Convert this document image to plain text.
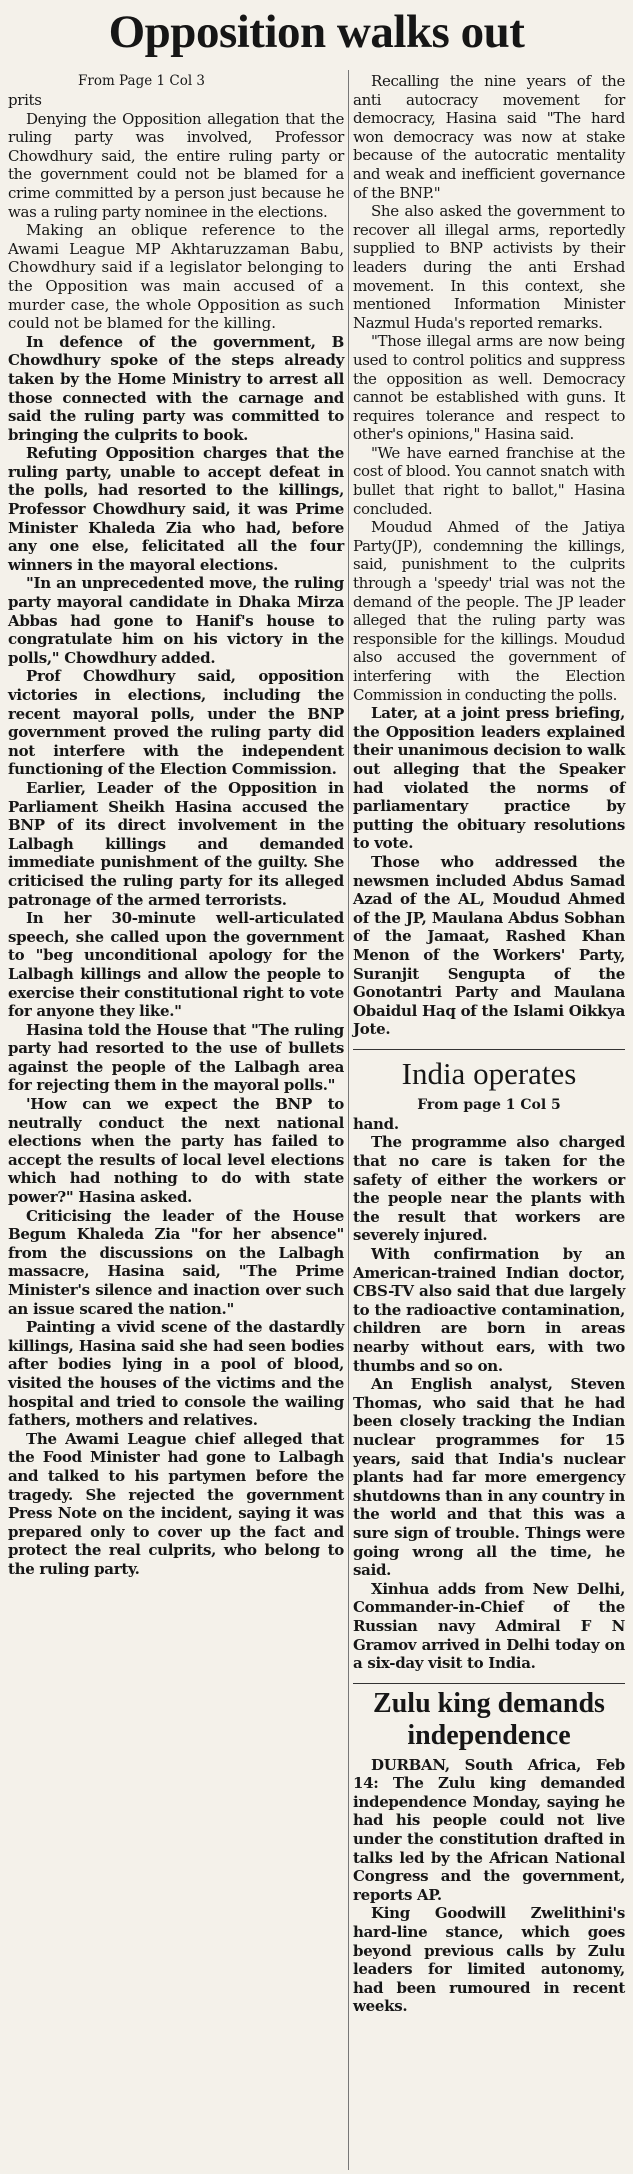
Opposition walks out
From Page 1 Col 3

prits

Denying the Opposition allegation that the ruling party was involved, Professor Chowdhury said, the entire ruling party or the government could not be blamed for a crime committed by a person just because he was a ruling party nominee in the elections.

Making an oblique reference to the Awami League MP Akhtaruzzaman Babu, Chowdhury said if a legislator belonging to the Opposition was main accused of a murder case, the whole Opposition as such could not be blamed for the killing.

In defence of the government, B Chowdhury spoke of the steps already taken by the Home Ministry to arrest all those connected with the carnage and said the ruling party was committed to bringing the culprits to book.

Refuting Opposition charges that the ruling party, unable to accept defeat in the polls, had resorted to the killings, Professor Chowdhury said, it was Prime Minister Khaleda Zia who had, before any one else, felicitated all the four winners in the mayoral elections.

"In an unprecedented move, the ruling party mayoral candidate in Dhaka Mirza Abbas had gone to Hanif's house to congratulate him on his victory in the polls," Chowdhury added.

Prof Chowdhury said, opposition victories in elections, including the recent mayoral polls, under the BNP government proved the ruling party did not interfere with the independent functioning of the Election Commission.

Earlier, Leader of the Opposition in Parliament Sheikh Hasina accused the BNP of its direct involvement in the Lalbagh killings and demanded immediate punishment of the guilty. She criticised the ruling party for its alleged patronage of the armed terrorists.

In her 30-minute well-articulated speech, she called upon the government to "beg unconditional apology for the Lalbagh killings and allow the people to exercise their constitutional right to vote for anyone they like."

Hasina told the House that "The ruling party had resorted to the use of bullets against the people of the Lalbagh area for rejecting them in the mayoral polls."

'How can we expect the BNP to neutrally conduct the next national elections when the party has failed to accept the results of local level elections which had nothing to do with state power?" Hasina asked.

Criticising the leader of the House Begum Khaleda Zia "for her absence" from the discussions on the Lalbagh massacre, Hasina said, "The Prime Minister's silence and inaction over such an issue scared the nation."

Painting a vivid scene of the dastardly killings, Hasina said she had seen bodies after bodies lying in a pool of blood, visited the houses of the victims and the hospital and tried to console the wailing fathers, mothers and relatives.

The Awami League chief alleged that the Food Minister had gone to Lalbagh and talked to his partymen before the tragedy. She rejected the government Press Note on the incident, saying it was prepared only to cover up the fact and protect the real culprits, who belong to the ruling party.

Recalling the nine years of the anti autocracy movement for democracy, Hasina said "The hard won democracy was now at stake because of the autocratic mentality and weak and inefficient governance of the BNP."

She also asked the government to recover all illegal arms, reportedly supplied to BNP activists by their leaders during the anti Ershad movement. In this context, she mentioned Information Minister Nazmul Huda's reported remarks.

"Those illegal arms are now being used to control politics and suppress the opposition as well. Democracy cannot be established with guns. It requires tolerance and respect to other's opinions," Hasina said.

"We have earned franchise at the cost of blood. You cannot snatch with bullet that right to ballot," Hasina concluded.

Moudud Ahmed of the Jatiya Party(JP), condemning the killings, said, punishment to the culprits through a 'speedy' trial was not the demand of the people. The JP leader alleged that the ruling party was responsible for the killings. Moudud also accused the government of interfering with the Election Commission in conducting the polls.

Later, at a joint press briefing, the Opposition leaders explained their unanimous decision to walk out alleging that the Speaker had violated the norms of parliamentary practice by putting the obituary resolutions to vote.

Those who addressed the newsmen included Abdus Samad Azad of the AL, Moudud Ahmed of the JP, Maulana Abdus Sobhan of the Jamaat, Rashed Khan Menon of the Workers' Party, Suranjit Sengupta of the Gonotantri Party and Maulana Obaidul Haq of the Islami Oikkya Jote.

India operates
From page 1 Col 5

hand.

The programme also charged that no care is taken for the safety of either the workers or the people near the plants with the result that workers are severely injured.

With confirmation by an American-trained Indian doctor, CBS-TV also said that due largely to the radioactive contamination, children are born in areas nearby without ears, with two thumbs and so on.

An English analyst, Steven Thomas, who said that he had been closely tracking the Indian nuclear programmes for 15 years, said that India's nuclear plants had far more emergency shutdowns than in any country in the world and that this was a sure sign of trouble. Things were going wrong all the time, he said.

Xinhua adds from New Delhi, Commander-in-Chief of the Russian navy Admiral F N Gramov arrived in Delhi today on a six-day visit to India.

Zulu king demands independence

DURBAN, South Africa, Feb 14: The Zulu king demanded independence Monday, saying he had his people could not live under the constitution drafted in talks led by the African National Congress and the government, reports AP.

King Goodwill Zwelithini's hard-line stance, which goes beyond previous calls by Zulu leaders for limited autonomy, had been rumoured in recent weeks.
